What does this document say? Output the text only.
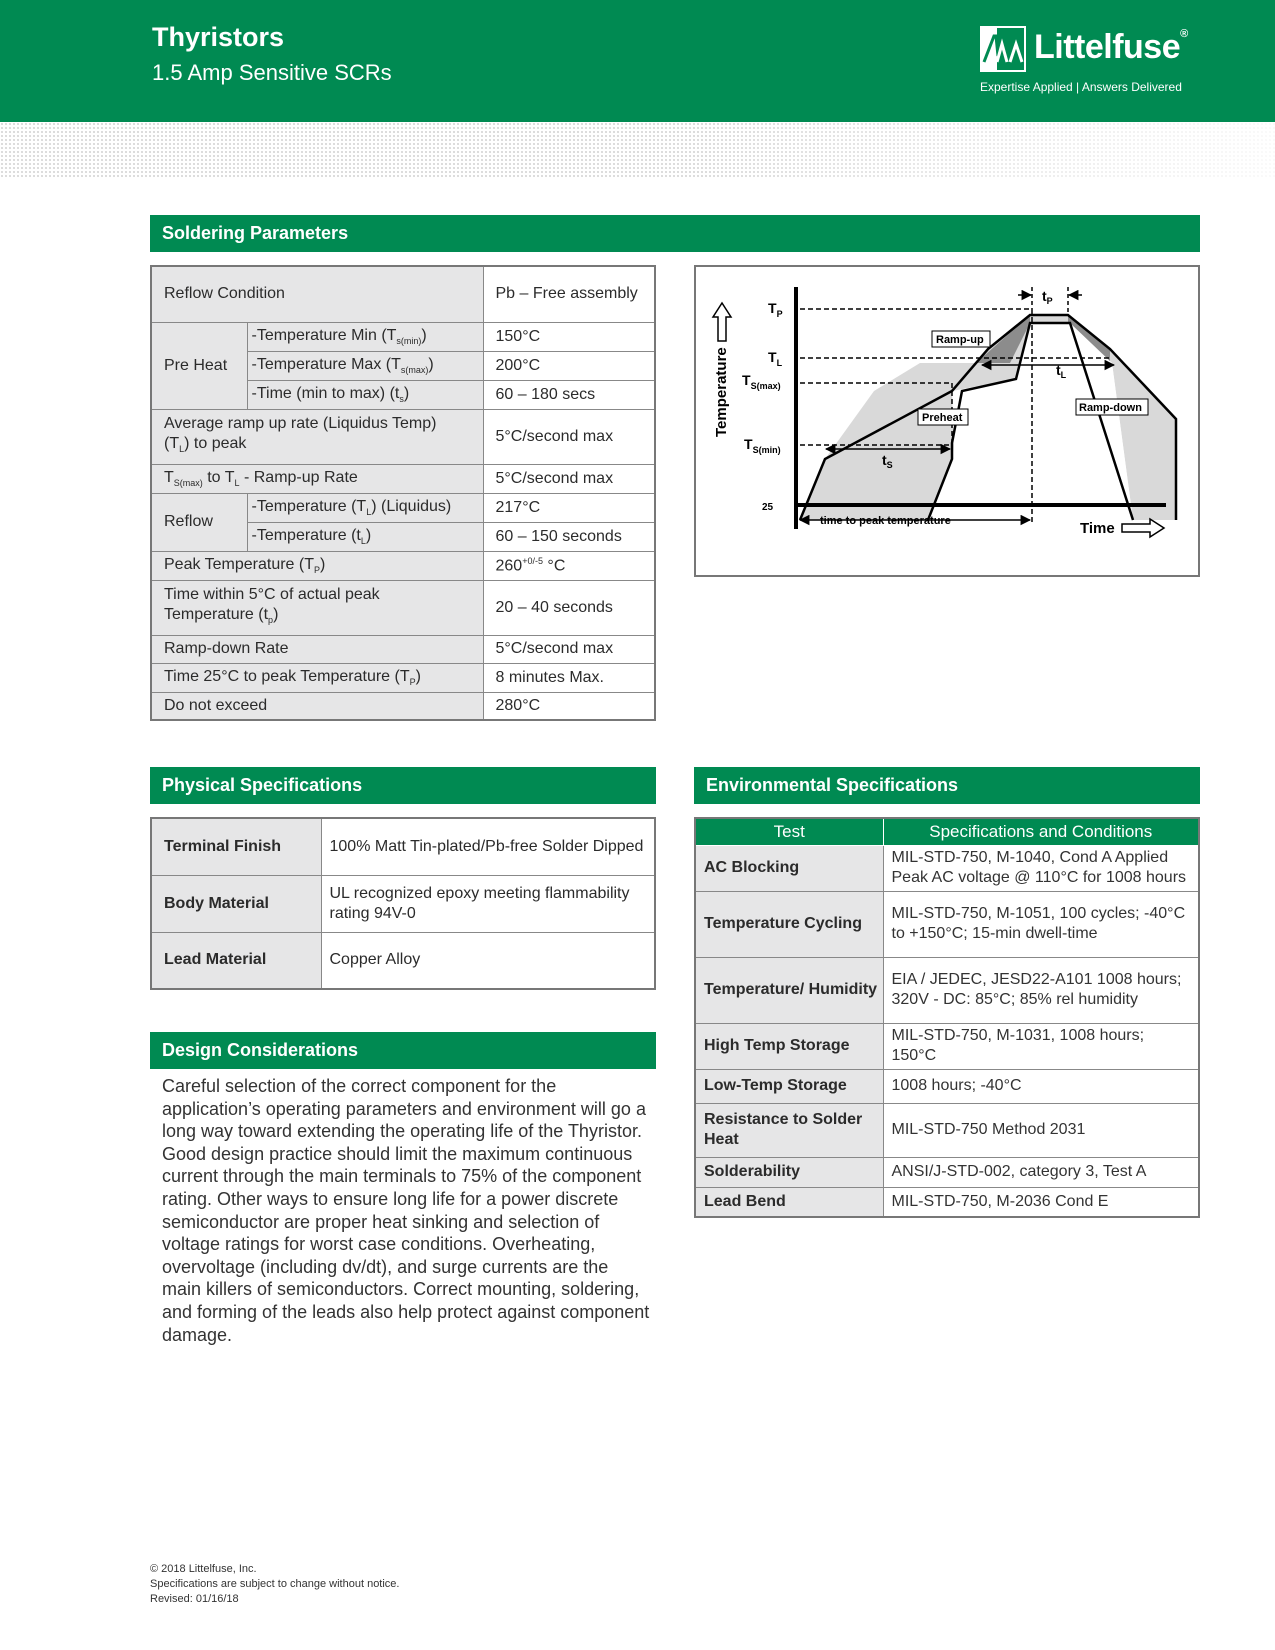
Thyristors
1.5 Amp Sensitive SCRs
Littelfuse®
Expertise Applied | Answers Delivered
Soldering Parameters
Reflow Condition		Pb – Free assembly
Pre Heat	-Temperature Min $(T_{s(min)})$	150°C
	-Temperature Max $(T_{s(max)})$	200°C
	-Time (min to max) $(t_s)$	60 – 180 secs
Average ramp up rate (Liquidus Temp)
$(T_L)$ to peak		5°C/second max
$T_{S(max)}$ to $T_L$ - Ramp-up Rate		5°C/second max
Reflow	-Temperature $(T_L)$ (Liquidus)	217°C
	-Temperature $(t_L)$	60 – 150 seconds
Peak Temperature $(T_P)$		$260^{+0/-5}$ °C
Time within 5°C of actual peak
Temperature $(t_p)$		20 – 40 seconds
Ramp-down Rate		5°C/second max
Time 25°C to peak Temperature $(T_P)$		8 minutes Max.
Do not exceed		280°C
$T_P$
$T_L$
$T_{S(max)}$
$T_{S(min)}$
25
$t_P$
$t_L$
$t_S$
Ramp-up
Preheat
Ramp-down
time to peak temperature
Temperature
Time
Physical Specifications
Terminal Finish	100% Matt Tin-plated/Pb-free Solder Dipped
Body Material	UL recognized epoxy meeting flammability rating 94V-0
Lead Material	Copper Alloy
Design Considerations
Careful selection of the correct component for the application’s operating parameters and environment will go a long way toward extending the operating life of the Thyristor. Good design practice should limit the maximum continuous current through the main terminals to 75% of the component rating. Other ways to ensure long life for a power discrete semiconductor are proper heat sinking and selection of voltage ratings for worst case conditions. Overheating, overvoltage (including dv/dt), and surge currents are the main killers of semiconductors. Correct mounting, soldering, and forming of the leads also help protect against component damage.
Environmental Specifications
Test	Specifications and Conditions
AC Blocking	MIL-STD-750, M-1040, Cond A Applied Peak AC voltage @ 110°C for 1008 hours
Temperature Cycling	MIL-STD-750, M-1051, 100 cycles; -40°C to +150°C; 15-min dwell-time
Temperature/ Humidity	EIA / JEDEC, JESD22-A101 1008 hours; 320V - DC: 85°C; 85% rel humidity
High Temp Storage	MIL-STD-750, M-1031, 1008 hours; 150°C
Low-Temp Storage	1008 hours; -40°C
Resistance to Solder Heat	MIL-STD-750 Method 2031
Solderability	ANSI/J-STD-002, category 3, Test A
Lead Bend	MIL-STD-750, M-2036 Cond E
© 2018 Littelfuse, Inc.
Specifications are subject to change without notice.
Revised: 01/16/18
